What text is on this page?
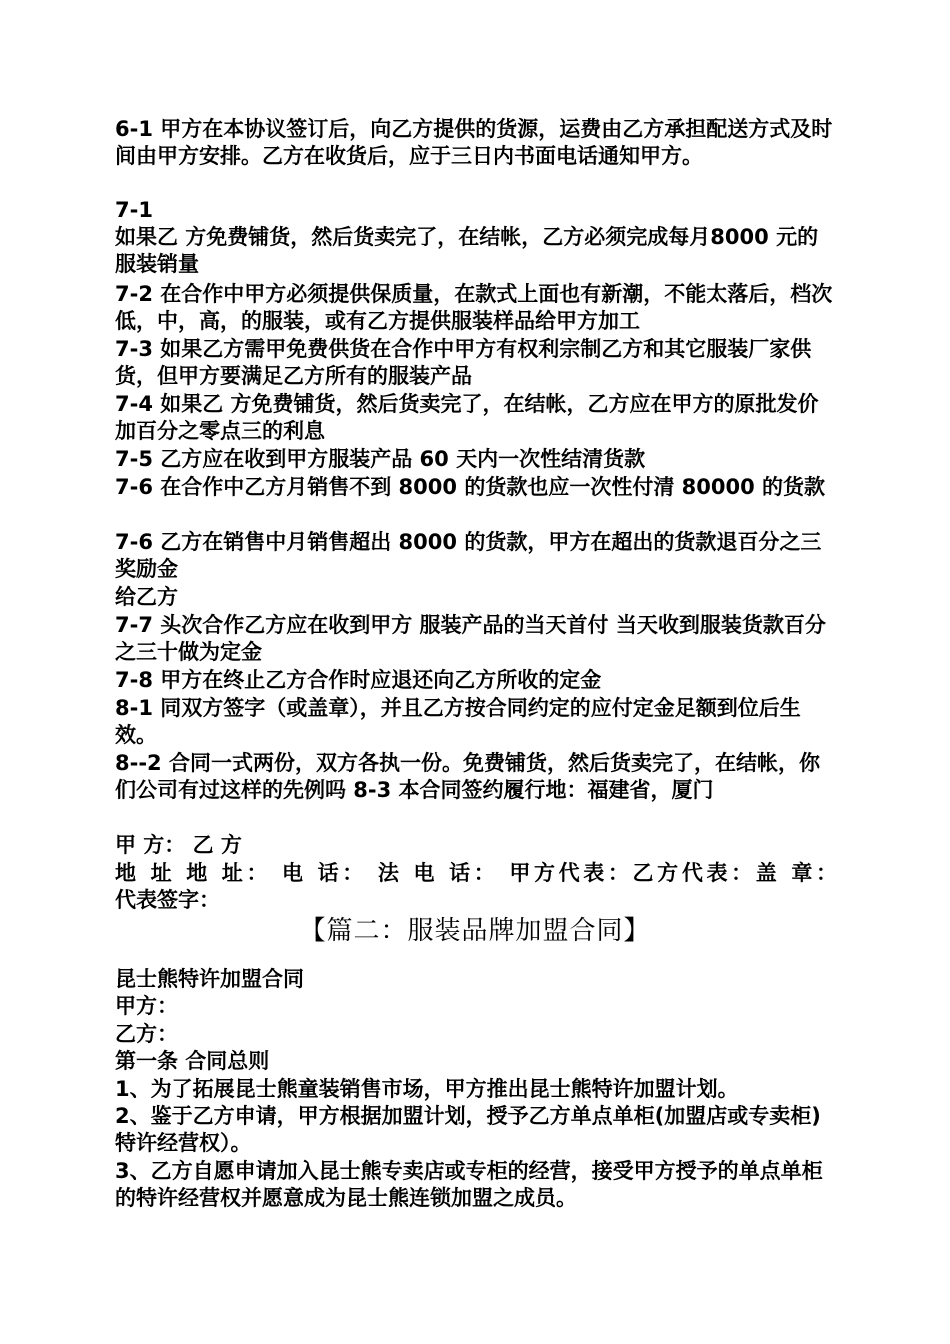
6-1 甲方在本协议签订后，向乙方提供的货源，运费由乙方承担配送方式及时间由甲方安排。乙方在收货后，应于三日内书面电话通知甲方。

7-1

如果乙 方免费铺货，然后货卖完了，在结帐，乙方必须完成每月8000 元的服装销量

7-2 在合作中甲方必须提供保质量，在款式上面也有新潮，不能太落后，档次低，中，高，的服装，或有乙方提供服装样品给甲方加工

7-3 如果乙方需甲免费供货在合作中甲方有权利宗制乙方和其它服装厂家供货，但甲方要满足乙方所有的服装产品

7-4 如果乙 方免费铺货，然后货卖完了，在结帐，乙方应在甲方的原批发价加百分之零点三的利息

7-5 乙方应在收到甲方服装产品 60 天内一次性结清货款

7-6 在合作中乙方月销售不到 8000 的货款也应一次性付清 80000 的货款

7-6 乙方在销售中月销售超出 8000 的货款，甲方在超出的货款退百分之三奖励金

给乙方

7-7 头次合作乙方应在收到甲方 服装产品的当天首付 当天收到服装货款百分之三十做为定金

7-8 甲方在终止乙方合作时应退还向乙方所收的定金

8-1 同双方签字（或盖章），并且乙方按合同约定的应付定金足额到位后生效。

8--2 合同一式两份，双方各执一份。免费铺货，然后货卖完了，在结帐，你们公司有过这样的先例吗 8-3 本合同签约履行地：福建省，厦门

甲 方： 乙 方

地 址 地 址： 电 话： 法 电 话： 甲方代表：乙方代表：盖 章：

代表签字：

【篇二：服装品牌加盟合同】

昆士熊特许加盟合同

甲方：

乙方：

第一条 合同总则

1、为了拓展昆士熊童装销售市场，甲方推出昆士熊特许加盟计划。

2、鉴于乙方申请，甲方根据加盟计划，授予乙方单点单柜(加盟店或专卖柜)特许经营权）。

3、乙方自愿申请加入昆士熊专卖店或专柜的经营，接受甲方授予的单点单柜的特许经营权并愿意成为昆士熊连锁加盟之成员。
